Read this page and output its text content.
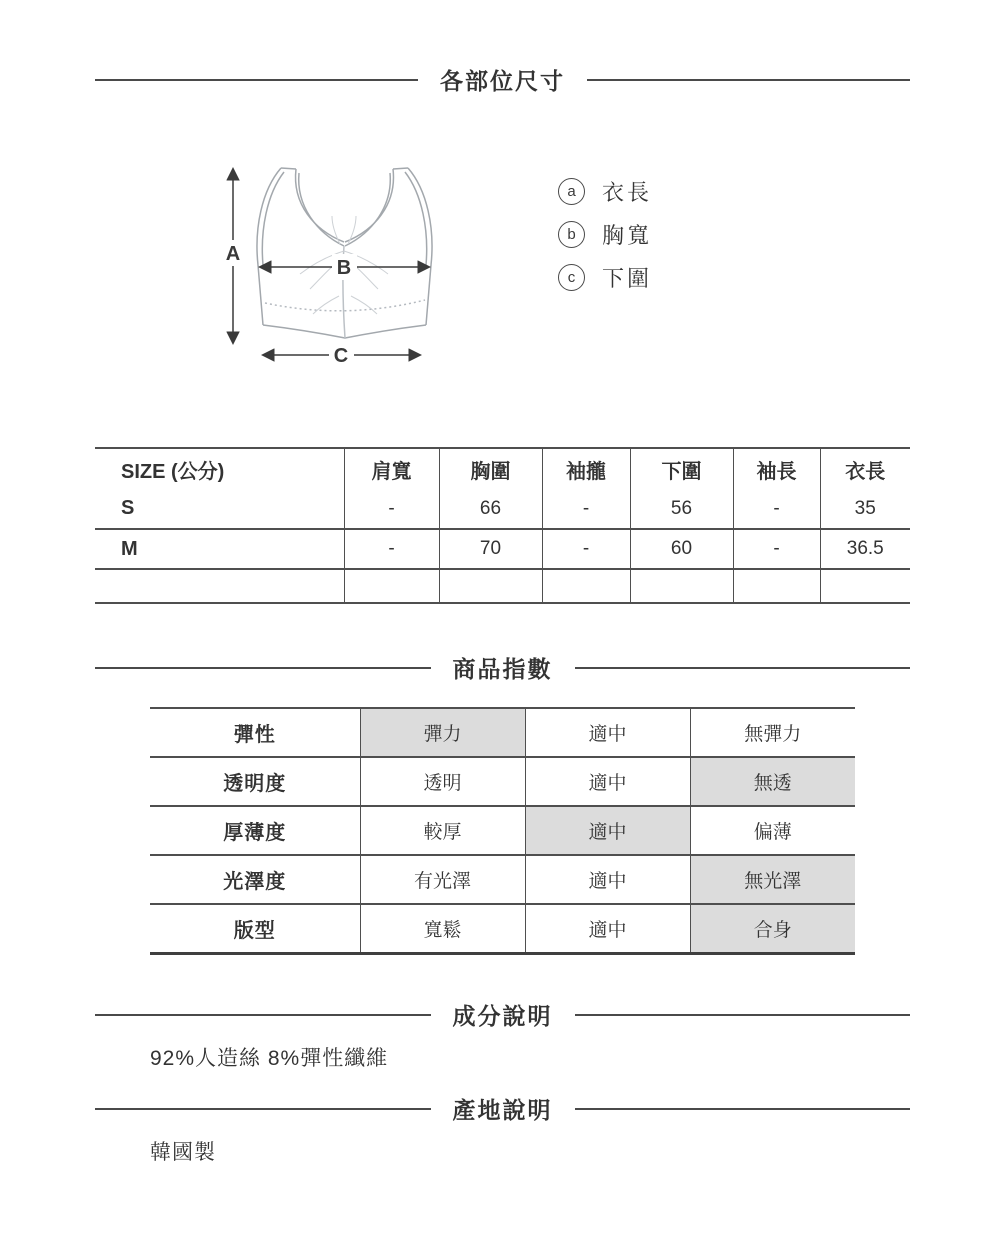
各部位尺寸
A
B
C
a	衣長
b	胸寬
c	下圍
SIZE (公分)	肩寬	胸圍	袖攏	下圍	袖長	衣長
S	-	66	-	56	-	35
M	-	70	-	60	-	36.5

商品指數
彈性	彈力	適中	無彈力
透明度	透明	適中	無透
厚薄度	較厚	適中	偏薄
光澤度	有光澤	適中	無光澤
版型	寬鬆	適中	合身
成分說明

92%人造絲 8%彈性纖維

產地說明

韓國製
